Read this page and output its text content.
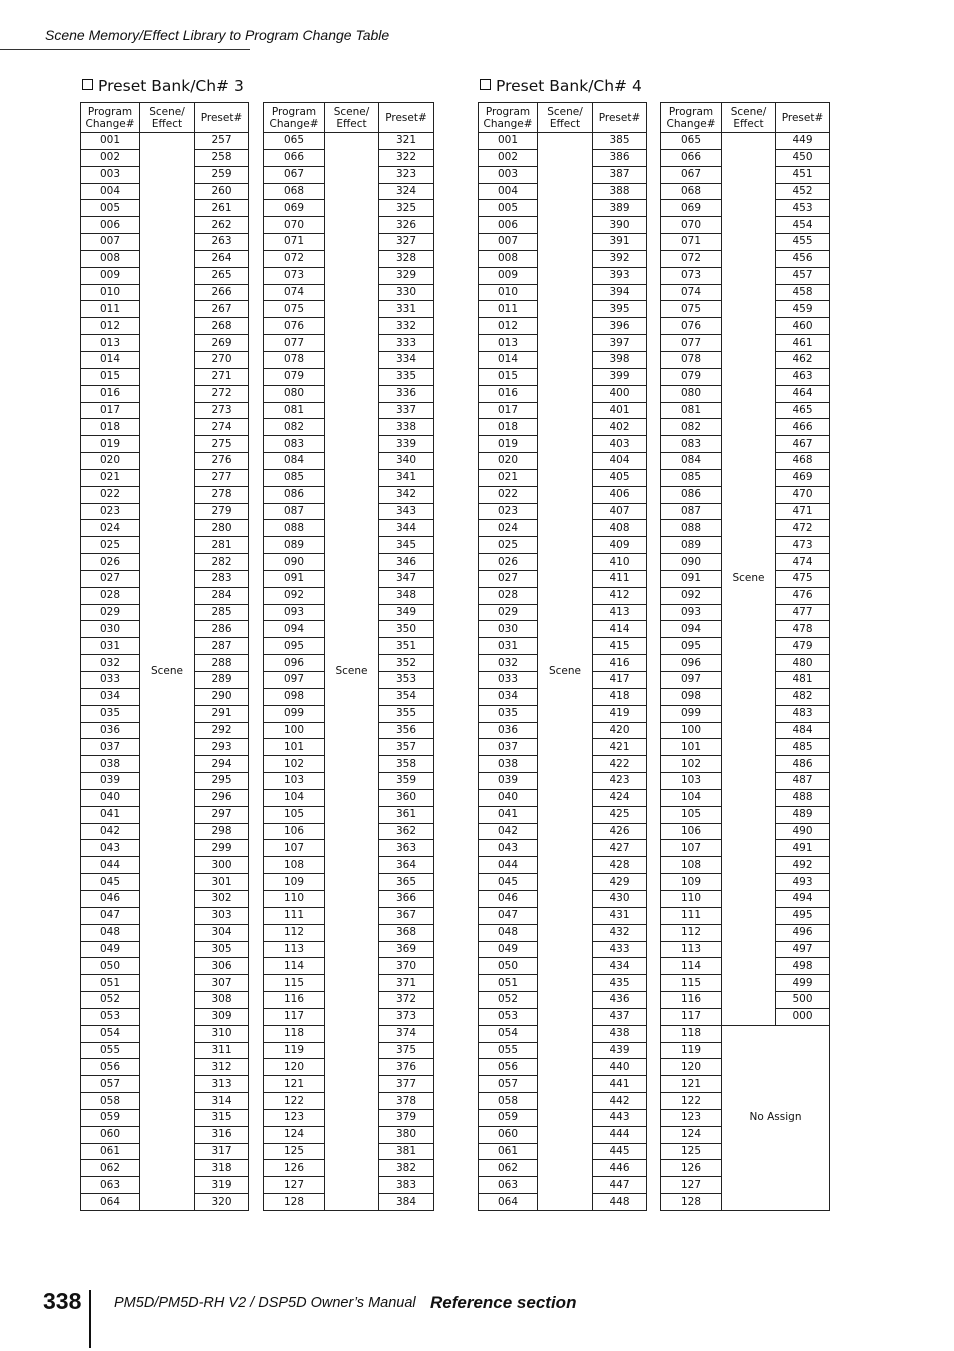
Scene Memory/Effect Library to Program Change Table
Preset Bank/Ch# 3	Preset Bank/Ch# 4
Program
Change#	Scene/
Effect	Preset#
001	Scene	257
002		258
003		259
004		260
005		261
006		262
007		263
008		264
009		265
010		266
011		267
012		268
013		269
014		270
015		271
016		272
017		273
018		274
019		275
020		276
021		277
022		278
023		279
024		280
025		281
026		282
027		283
028		284
029		285
030		286
031		287
032		288
033		289
034		290
035		291
036		292
037		293
038		294
039		295
040		296
041		297
042		298
043		299
044		300
045		301
046		302
047		303
048		304
049		305
050		306
051		307
052		308
053		309
054		310
055		311
056		312
057		313
058		314
059		315
060		316
061		317
062		318
063		319
064		320
Program
Change#	Scene/
Effect	Preset#
065	Scene	321
066		322
067		323
068		324
069		325
070		326
071		327
072		328
073		329
074		330
075		331
076		332
077		333
078		334
079		335
080		336
081		337
082		338
083		339
084		340
085		341
086		342
087		343
088		344
089		345
090		346
091		347
092		348
093		349
094		350
095		351
096		352
097		353
098		354
099		355
100		356
101		357
102		358
103		359
104		360
105		361
106		362
107		363
108		364
109		365
110		366
111		367
112		368
113		369
114		370
115		371
116		372
117		373
118		374
119		375
120		376
121		377
122		378
123		379
124		380
125		381
126		382
127		383
128		384
Program
Change#	Scene/
Effect	Preset#
001	Scene	385
002		386
003		387
004		388
005		389
006		390
007		391
008		392
009		393
010		394
011		395
012		396
013		397
014		398
015		399
016		400
017		401
018		402
019		403
020		404
021		405
022		406
023		407
024		408
025		409
026		410
027		411
028		412
029		413
030		414
031		415
032		416
033		417
034		418
035		419
036		420
037		421
038		422
039		423
040		424
041		425
042		426
043		427
044		428
045		429
046		430
047		431
048		432
049		433
050		434
051		435
052		436
053		437
054		438
055		439
056		440
057		441
058		442
059		443
060		444
061		445
062		446
063		447
064		448
Program
Change#	Scene/
Effect	Preset#
065	Scene	449
066		450
067		451
068		452
069		453
070		454
071		455
072		456
073		457
074		458
075		459
076		460
077		461
078		462
079		463
080		464
081		465
082		466
083		467
084		468
085		469
086		470
087		471
088		472
089		473
090		474
091		475
092		476
093		477
094		478
095		479
096		480
097		481
098		482
099		483
100		484
101		485
102		486
103		487
104		488
105		489
106		490
107		491
108		492
109		493
110		494
111		495
112		496
113		497
114		498
115		499
116		500
117		000
118	No Assign	
119		
120		
121		
122		
123		
124		
125		
126		
127		
128		
338 PM5D/PM5D-RH V2 / DSP5D Owner’s Manual Reference section
